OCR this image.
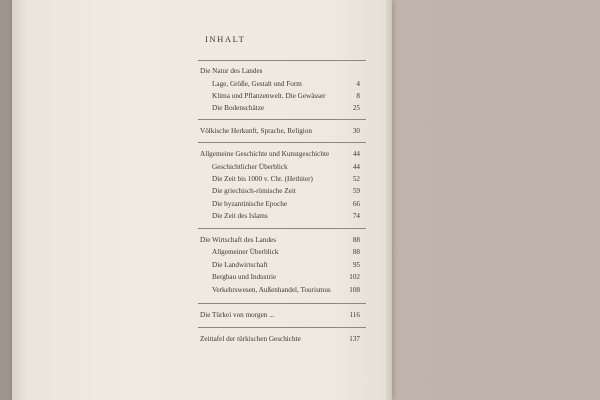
INHALT
Die Natur des Landes
Lage, Größe, Gestalt und Form	4
Klima und Pflanzenwelt. Die Gewässer	8
Die Bodenschätze	25
Völkische Herkunft, Sprache, Religion	30
Allgemeine Geschichte und Kunstgeschichte	44
Geschichtlicher Überblick	44
Die Zeit bis 1000 v. Chr. (Hethiter)	52
Die griechisch-römische Zeit	59
Die byzantinische Epoche	66
Die Zeit des Islams	74
Die Wirtschaft des Landes	88
Allgemeiner Überblick	88
Die Landwirtschaft	95
Bergbau und Industrie	102
Verkehrswesen, Außenhandel, Tourismus	108
Die Türkei von morgen ...	116
Zeittafel der türkischen Geschichte	137
